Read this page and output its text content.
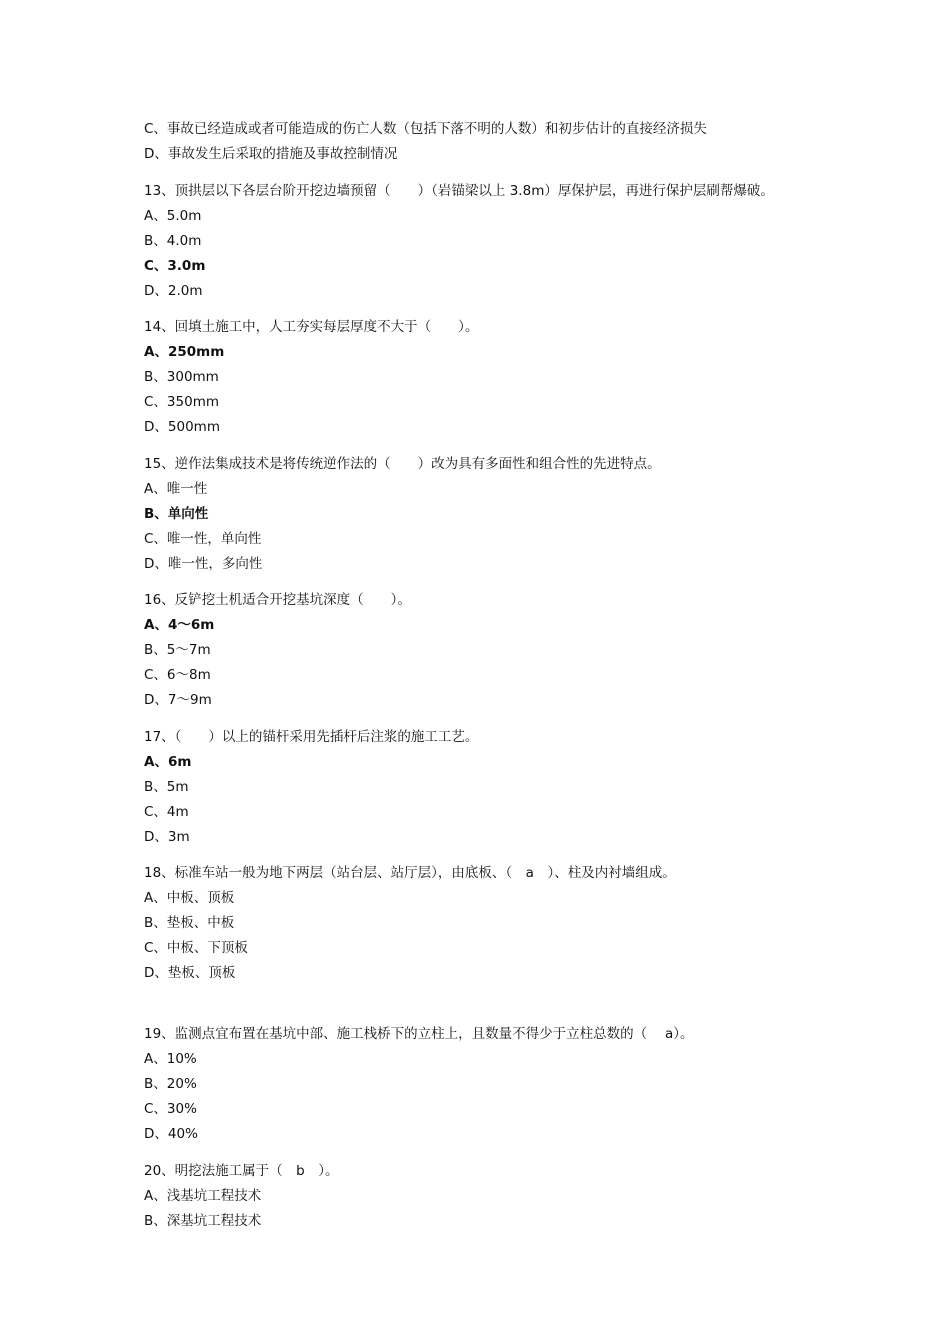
C、事故已经造成或者可能造成的伤亡人数（包括下落不明的人数）和初步估计的直接经济损失
D、事故发生后采取的措施及事故控制情况
13、顶拱层以下各层台阶开挖边墙预留（　　）（岩锚梁以上 3.8m）厚保护层，再进行保护层刷帮爆破。
A、5.0m
B、4.0m
C、3.0m
D、2.0m
14、回填土施工中，人工夯实每层厚度不大于（　　）。
A、250mm
B、300mm
C、350mm
D、500mm
15、逆作法集成技术是将传统逆作法的（　　）改为具有多面性和组合性的先进特点。
A、唯一性
B、单向性
C、唯一性，单向性
D、唯一性，多向性
16、反铲挖土机适合开挖基坑深度（　　）。
A、4～6m
B、5～7m
C、6～8m
D、7～9m
17、（　　）以上的锚杆采用先插杆后注浆的施工工艺。
A、6m
B、5m
C、4m
D、3m
18、标准车站一般为地下两层（站台层、站厅层），由底板、（　a　）、柱及内衬墙组成。
A、中板、顶板
B、垫板、中板
C、中板、下顶板
D、垫板、顶板
19、监测点宜布置在基坑中部、施工栈桥下的立柱上，且数量不得少于立柱总数的（　 a）。
A、10%
B、20%
C、30%
D、40%
20、明挖法施工属于（　b　）。
A、浅基坑工程技术
B、深基坑工程技术
